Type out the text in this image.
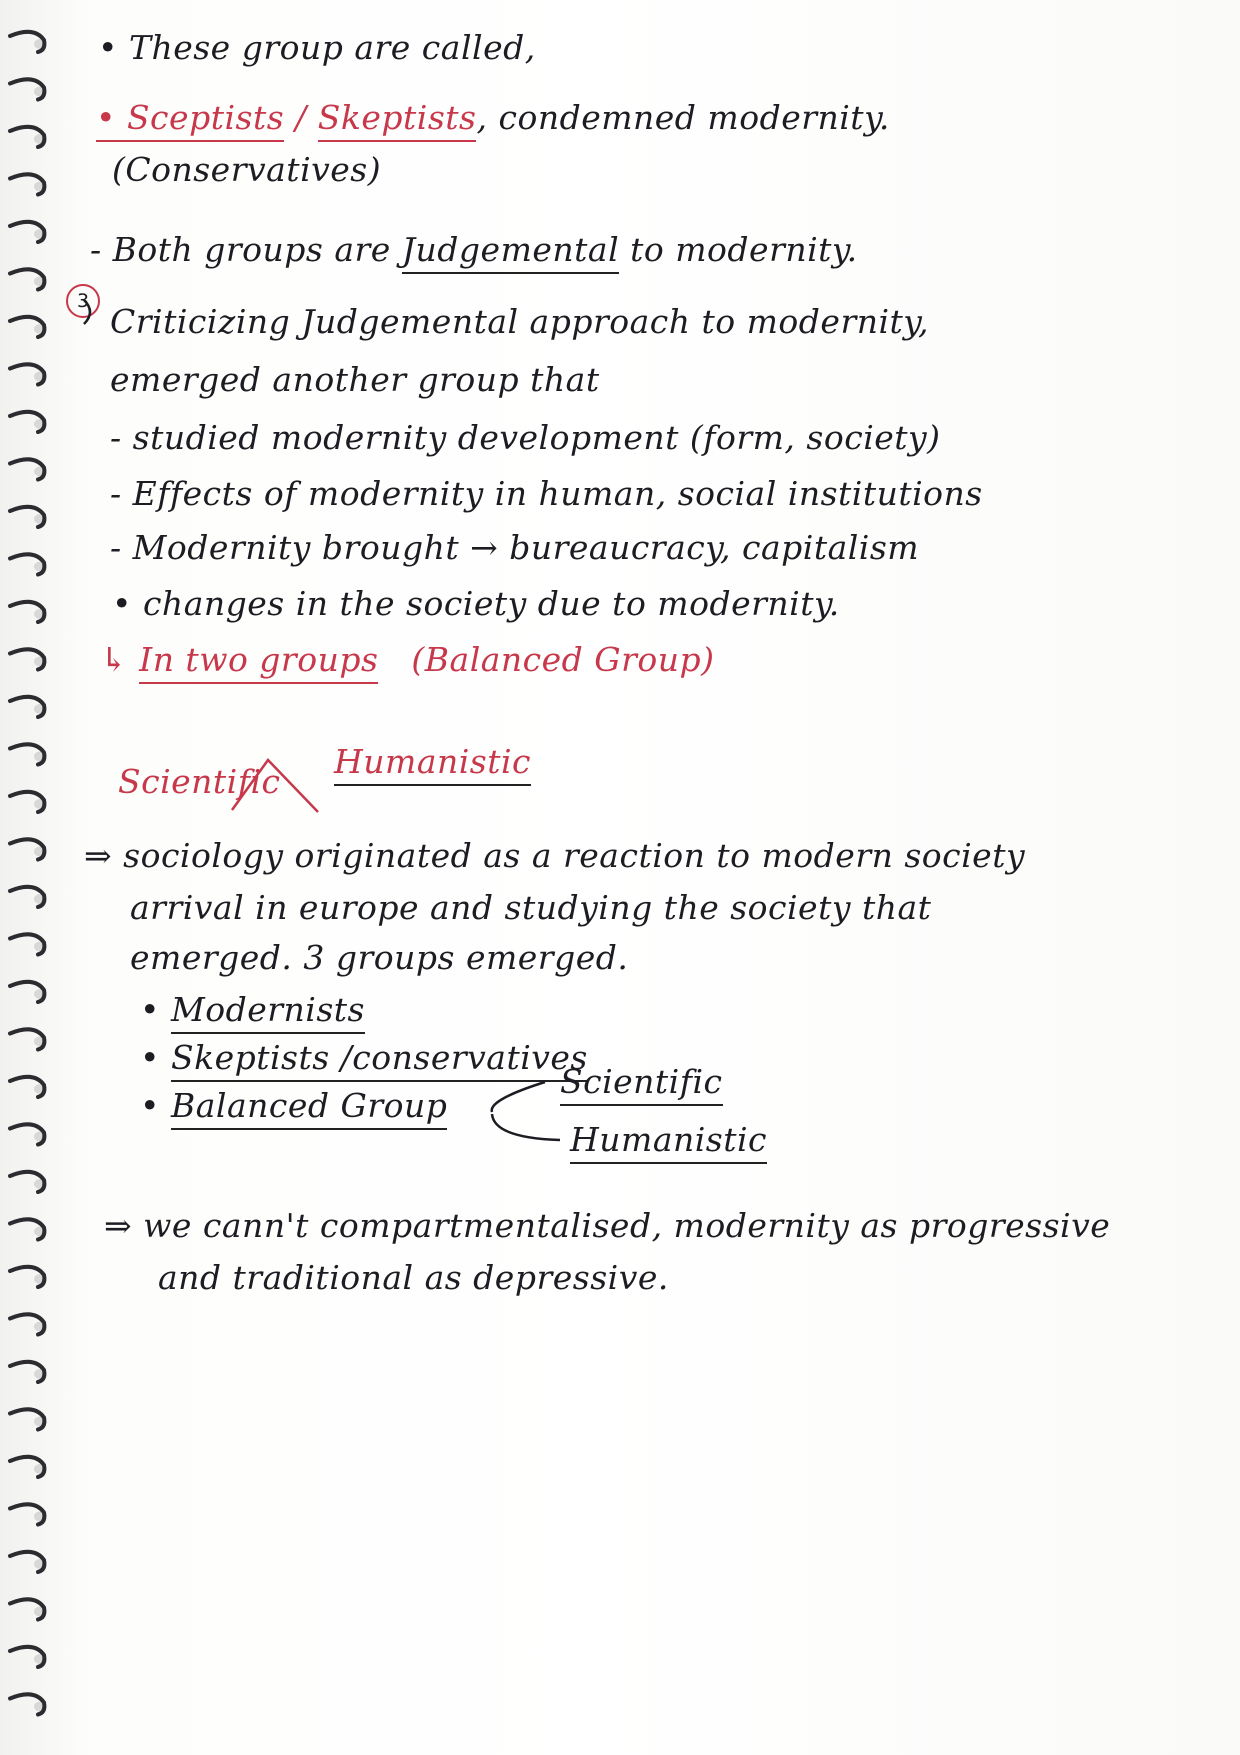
• These group are called,
• Sceptists / Skeptists, condemned modernity.
(Conservatives)
- Both groups are Judgemental to modernity.
3
Criticizing Judgemental approach to modernity,
emerged another group that
- studied modernity development (form, society)
- Effects of modernity in human, social institutions
- Modernity brought → bureaucracy, capitalism
• changes in the society due to modernity.
↳ In two groups (Balanced Group)
Scientific
Humanistic
⇒ sociology originated as a reaction to modern society
arrival in europe and studying the society that
emerged. 3 groups emerged.
• Modernists
• Skeptists /conservatives
• Balanced Group
Scientific
Humanistic
⇒ we cann't compartmentalised, modernity as progressive
and traditional as depressive.
